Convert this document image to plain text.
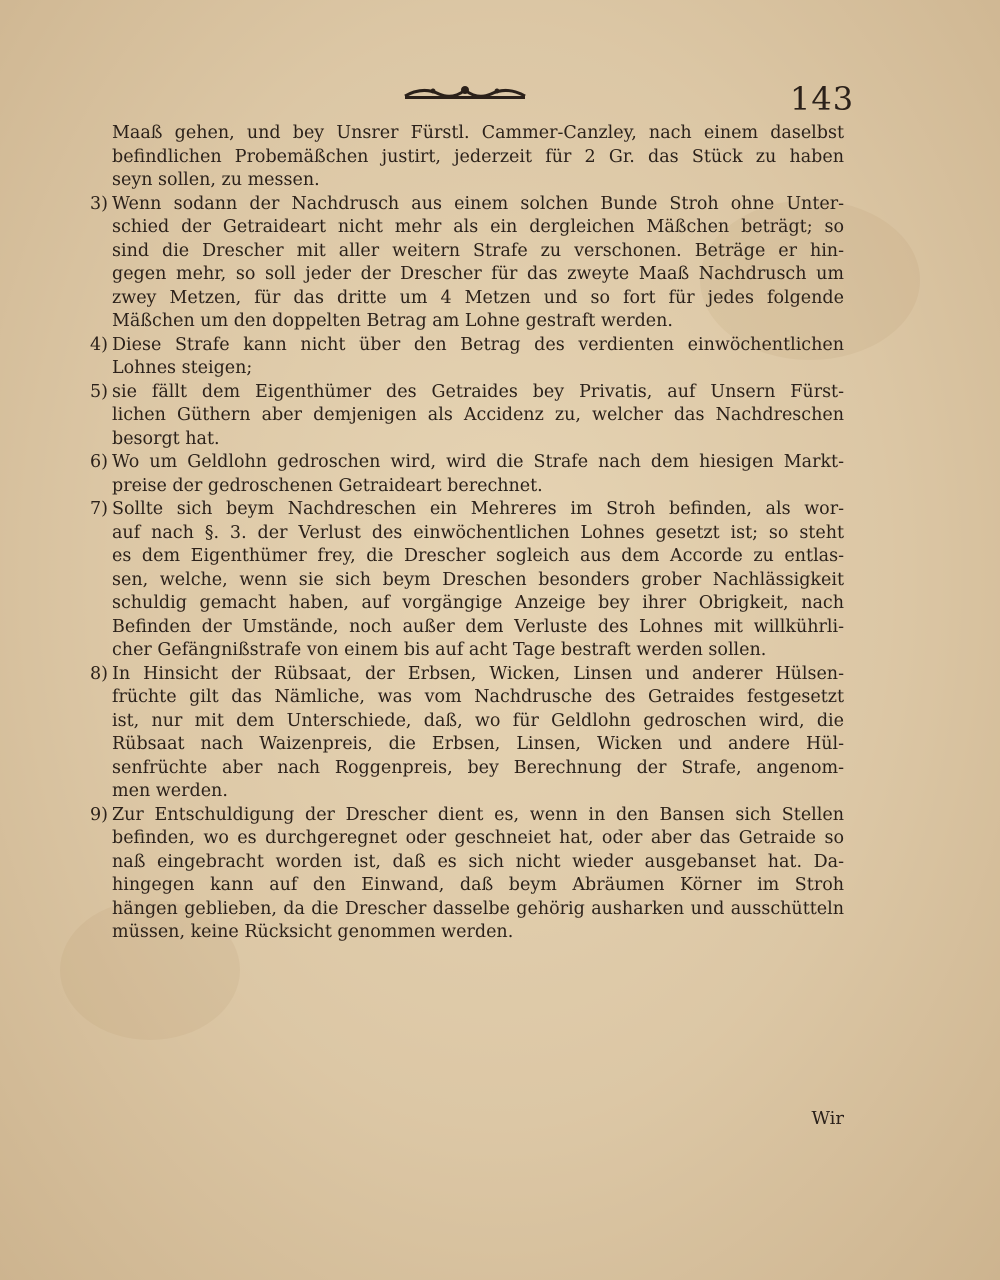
143
Maaß gehen, und bey Unsrer Fürstl. Cammer-Canzley, nach einem daselbst
befindlichen Probemäßchen justirt, jederzeit für 2 Gr. das Stück zu haben
seyn sollen, zu messen.
3) Wenn sodann der Nachdrusch aus einem solchen Bunde Stroh ohne Unter-
schied der Getraideart nicht mehr als ein dergleichen Mäßchen beträgt; so
sind die Drescher mit aller weitern Strafe zu verschonen. Beträge er hin-
gegen mehr, so soll jeder der Drescher für das zweyte Maaß Nachdrusch um
zwey Metzen, für das dritte um 4 Metzen und so fort für jedes folgende
Mäßchen um den doppelten Betrag am Lohne gestraft werden.
4) Diese Strafe kann nicht über den Betrag des verdienten einwöchentlichen
Lohnes steigen;
5) sie fällt dem Eigenthümer des Getraides bey Privatis, auf Unsern Fürst-
lichen Güthern aber demjenigen als Accidenz zu, welcher das Nachdreschen
besorgt hat.
6) Wo um Geldlohn gedroschen wird, wird die Strafe nach dem hiesigen Markt-
preise der gedroschenen Getraideart berechnet.
7) Sollte sich beym Nachdreschen ein Mehreres im Stroh befinden, als wor-
auf nach §. 3. der Verlust des einwöchentlichen Lohnes gesetzt ist; so steht
es dem Eigenthümer frey, die Drescher sogleich aus dem Accorde zu entlas-
sen, welche, wenn sie sich beym Dreschen besonders grober Nachlässigkeit
schuldig gemacht haben, auf vorgängige Anzeige bey ihrer Obrigkeit, nach
Befinden der Umstände, noch außer dem Verluste des Lohnes mit willkührli-
cher Gefängnißstrafe von einem bis auf acht Tage bestraft werden sollen.
8) In Hinsicht der Rübsaat, der Erbsen, Wicken, Linsen und anderer Hülsen-
früchte gilt das Nämliche, was vom Nachdrusche des Getraides festgesetzt
ist, nur mit dem Unterschiede, daß, wo für Geldlohn gedroschen wird, die
Rübsaat nach Waizenpreis, die Erbsen, Linsen, Wicken und andere Hül-
senfrüchte aber nach Roggenpreis, bey Berechnung der Strafe, angenom-
men werden.
9) Zur Entschuldigung der Drescher dient es, wenn in den Bansen sich Stellen
befinden, wo es durchgeregnet oder geschneiet hat, oder aber das Getraide so
naß eingebracht worden ist, daß es sich nicht wieder ausgebanset hat. Da-
hingegen kann auf den Einwand, daß beym Abräumen Körner im Stroh
hängen geblieben, da die Drescher dasselbe gehörig ausharken und ausschütteln
müssen, keine Rücksicht genommen werden.
Wir
